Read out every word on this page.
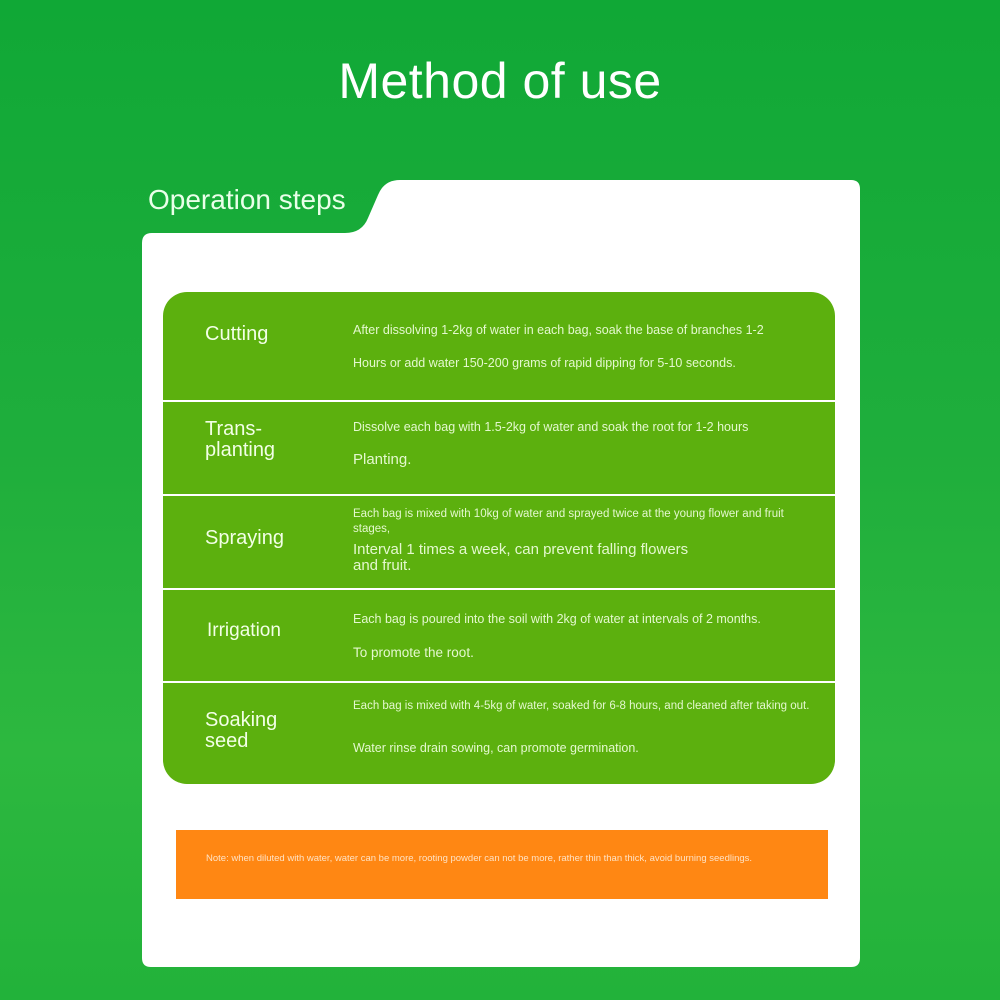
Method of use
Operation steps
Cutting	After dissolving 1-2kg of water in each bag, soak the base of branches 1-2
Hours or add water 150-200 grams of rapid dipping for 5-10 seconds.
Trans-
planting
Dissolve each bag with 1.5-2kg of water and soak the root for 1-2 hours
Planting.
Spraying
Each bag is mixed with 10kg of water and sprayed twice at the young flower and fruit stages,
Interval 1 times a week, can prevent falling flowers
and fruit.
Irrigation
Each bag is poured into the soil with 2kg of water at intervals of 2 months.
To promote the root.
Soaking
seed
Each bag is mixed with 4-5kg of water, soaked for 6-8 hours, and cleaned after taking out.
Water rinse drain sowing, can promote germination.
Note: when diluted with water, water can be more, rooting powder can not be more, rather thin than thick, avoid burning seedlings.
